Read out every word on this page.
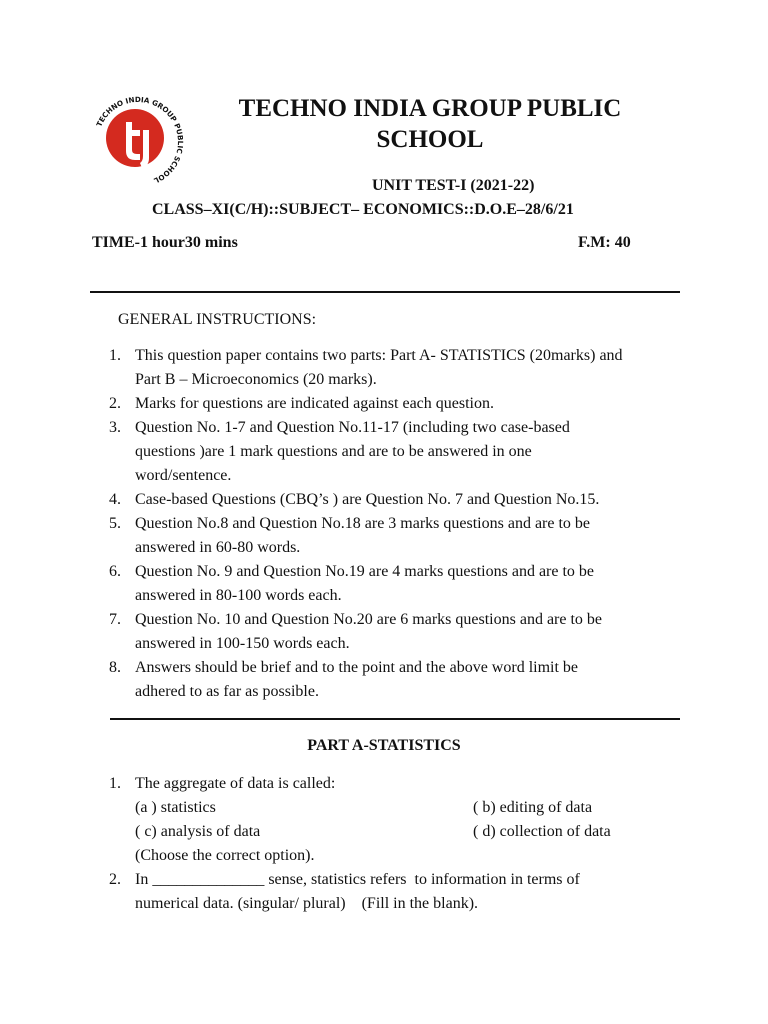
TECHNO INDIA GROUP PUBLIC SCHOOL
TECHNO INDIA GROUP PUBLIC
SCHOOL
UNIT TEST-I (2021-22)
CLASS–XI(C/H)::SUBJECT– ECONOMICS::D.O.E–28/6/21
TIME-1 hour30 mins	F.M: 40
GENERAL INSTRUCTIONS:
1. This question paper contains two parts: Part A- STATISTICS (20marks) and
Part B – Microeconomics (20 marks).
2. Marks for questions are indicated against each question.
3. Question No. 1-7 and Question No.11-17 (including two case-based
questions )are 1 mark questions and are to be answered in one
word/sentence.
4. Case-based Questions (CBQ’s ) are Question No. 7 and Question No.15.
5. Question No.8 and Question No.18 are 3 marks questions and are to be
answered in 60-80 words.
6. Question No. 9 and Question No.19 are 4 marks questions and are to be
answered in 80-100 words each.
7. Question No. 10 and Question No.20 are 6 marks questions and are to be
answered in 100-150 words each.
8. Answers should be brief and to the point and the above word limit be
adhered to as far as possible.
PART A-STATISTICS
1. The aggregate of data is called:
(a ) statistics	( b) editing of data
( c) analysis of data	( d) collection of data
(Choose the correct option).
2. In ______________ sense, statistics refers  to information in terms of
numerical data. (singular/ plural)    (Fill in the blank).
